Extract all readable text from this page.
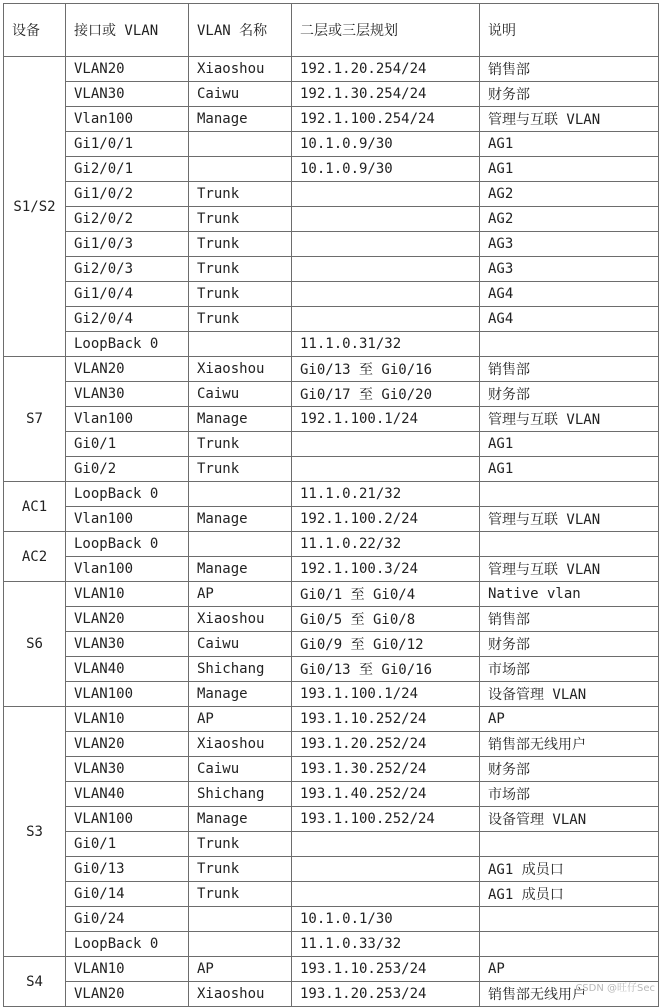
设备	接口或 VLAN	VLAN 名称	二层或三层规划	说明
S1/S2	VLAN20	Xiaoshou	192.1.20.254/24	销售部
	VLAN30	Caiwu	192.1.30.254/24	财务部
	Vlan100	Manage	192.1.100.254/24	管理与互联 VLAN
	Gi1/0/1		10.1.0.9/30	AG1
	Gi2/0/1		10.1.0.9/30	AG1
	Gi1/0/2	Trunk		AG2
	Gi2/0/2	Trunk		AG2
	Gi1/0/3	Trunk		AG3
	Gi2/0/3	Trunk		AG3
	Gi1/0/4	Trunk		AG4
	Gi2/0/4	Trunk		AG4
	LoopBack 0		11.1.0.31/32	
S7	VLAN20	Xiaoshou	Gi0/13 至 Gi0/16	销售部
	VLAN30	Caiwu	Gi0/17 至 Gi0/20	财务部
	Vlan100	Manage	192.1.100.1/24	管理与互联 VLAN
	Gi0/1	Trunk		AG1
	Gi0/2	Trunk		AG1
AC1	LoopBack 0		11.1.0.21/32	
	Vlan100	Manage	192.1.100.2/24	管理与互联 VLAN
AC2	LoopBack 0		11.1.0.22/32	
	Vlan100	Manage	192.1.100.3/24	管理与互联 VLAN
S6	VLAN10	AP	Gi0/1 至 Gi0/4	Native vlan
	VLAN20	Xiaoshou	Gi0/5 至 Gi0/8	销售部
	VLAN30	Caiwu	Gi0/9 至 Gi0/12	财务部
	VLAN40	Shichang	Gi0/13 至 Gi0/16	市场部
	VLAN100	Manage	193.1.100.1/24	设备管理 VLAN
S3	VLAN10	AP	193.1.10.252/24	AP
	VLAN20	Xiaoshou	193.1.20.252/24	销售部无线用户
	VLAN30	Caiwu	193.1.30.252/24	财务部
	VLAN40	Shichang	193.1.40.252/24	市场部
	VLAN100	Manage	193.1.100.252/24	设备管理 VLAN
	Gi0/1	Trunk		
	Gi0/13	Trunk		AG1 成员口
	Gi0/14	Trunk		AG1 成员口
	Gi0/24		10.1.0.1/30	
	LoopBack 0		11.1.0.33/32	
S4	VLAN10	AP	193.1.10.253/24	AP
	VLAN20	Xiaoshou	193.1.20.253/24	销售部无线用户
CSDN @旺仔Sec
